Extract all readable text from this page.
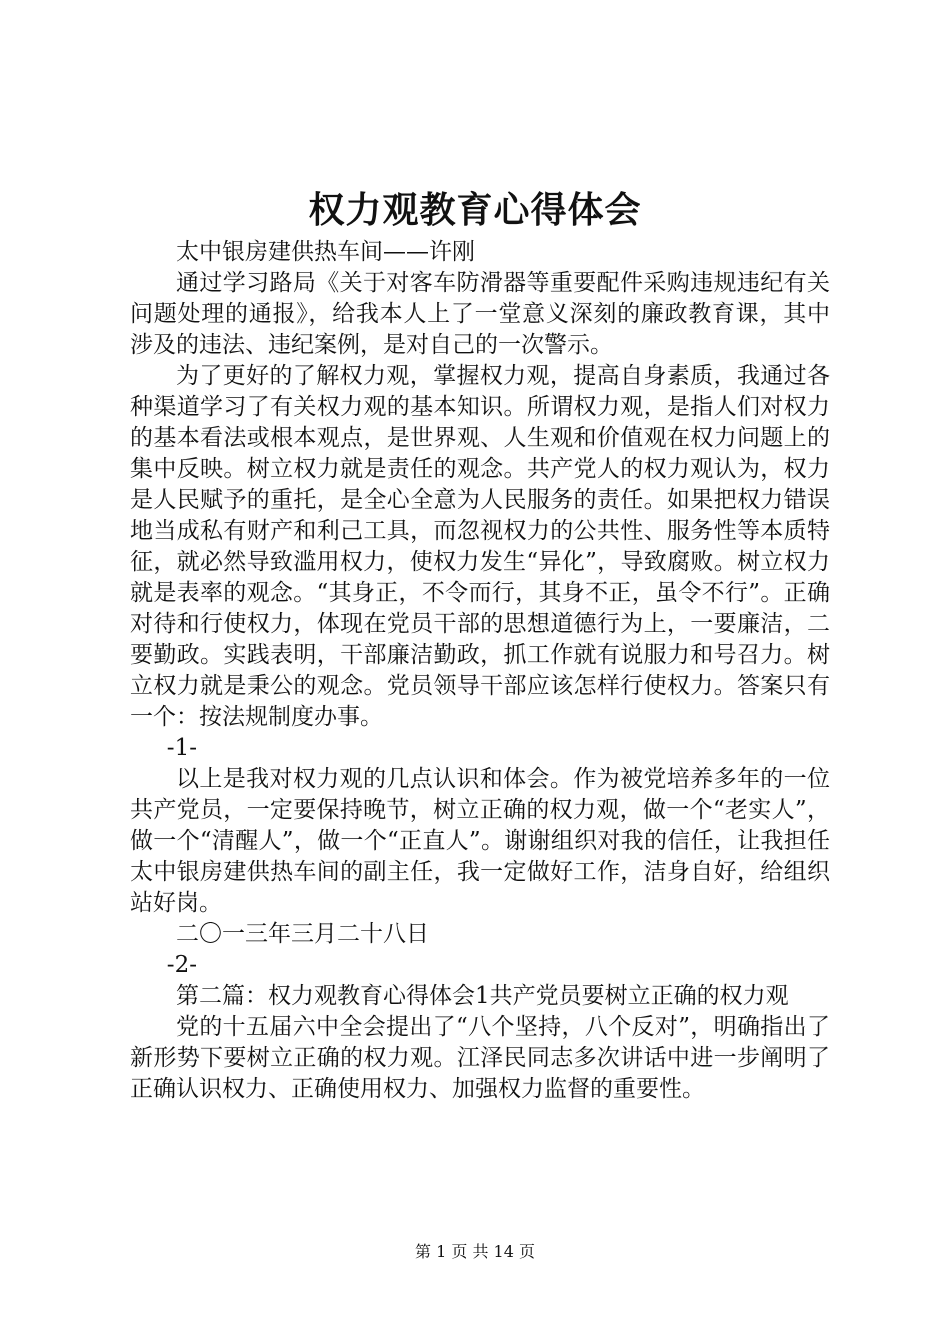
权力观教育心得体会

太中银房建供热车间——许刚

通过学习路局《关于对客车防滑器等重要配件采购违规违纪有关问题处理的通报》，给我本人上了一堂意义深刻的廉政教育课，其中涉及的违法、违纪案例，是对自己的一次警示。

为了更好的了解权力观，掌握权力观，提高自身素质，我通过各种渠道学习了有关权力观的基本知识。所谓权力观，是指人们对权力的基本看法或根本观点，是世界观、人生观和价值观在权力问题上的集中反映。树立权力就是责任的观念。共产党人的权力观认为，权力是人民赋予的重托，是全心全意为人民服务的责任。如果把权力错误地当成私有财产和利己工具，而忽视权力的公共性、服务性等本质特征，就必然导致滥用权力，使权力发生“异化”，导致腐败。树立权力就是表率的观念。“其身正，不令而行，其身不正，虽令不行”。正确对待和行使权力，体现在党员干部的思想道德行为上，一要廉洁，二要勤政。实践表明，干部廉洁勤政，抓工作就有说服力和号召力。树立权力就是秉公的观念。党员领导干部应该怎样行使权力。答案只有一个：按法规制度办事。

-1-

以上是我对权力观的几点认识和体会。作为被党培养多年的一位共产党员，一定要保持晚节，树立正确的权力观，做一个“老实人”，做一个“清醒人”，做一个“正直人”。谢谢组织对我的信任，让我担任太中银房建供热车间的副主任，我一定做好工作，洁身自好，给组织站好岗。

二〇一三年三月二十八日

-2-

第二篇：权力观教育心得体会1共产党员要树立正确的权力观

党的十五届六中全会提出了“八个坚持，八个反对”，明确指出了新形势下要树立正确的权力观。江泽民同志多次讲话中进一步阐明了正确认识权力、正确使用权力、加强权力监督的重要性。

第 1 页 共 14 页
